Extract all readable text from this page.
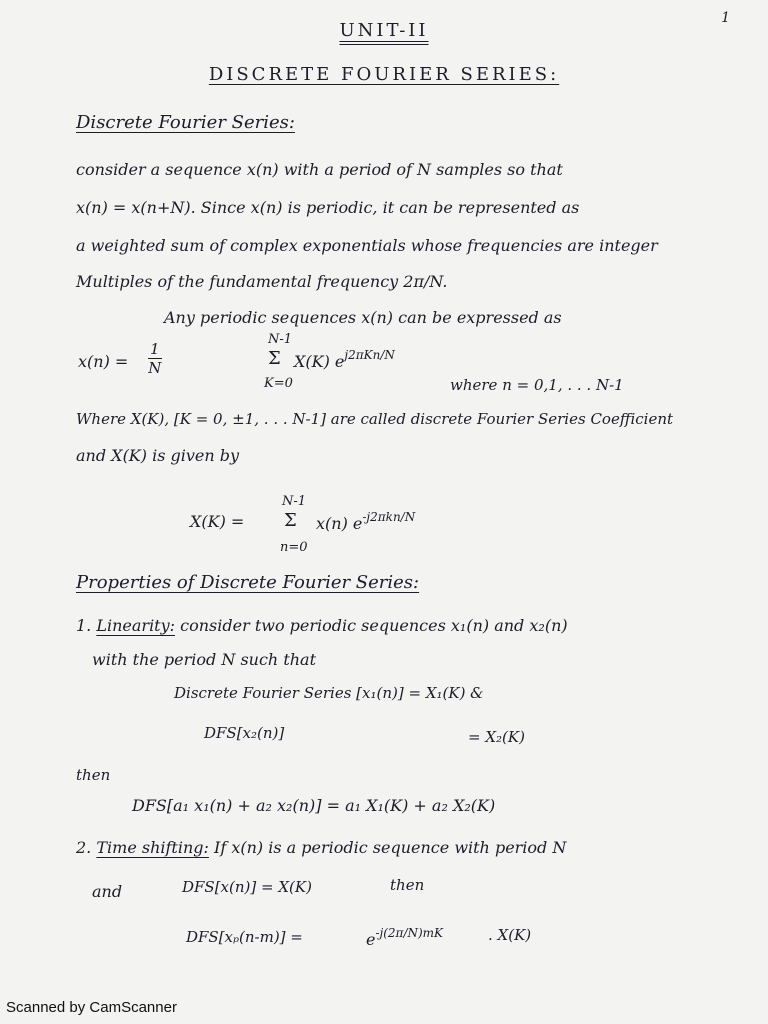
1
UNIT-II
DISCRETE FOURIER SERIES:
Discrete Fourier Series:
consider a sequence x(n) with a period of N samples so that
x(n) = x(n+N). Since x(n) is periodic, it can be represented as
a weighted sum of complex exponentials whose frequencies are integer
Multiples of the fundamental frequency 2π/N.
Any periodic sequences x(n) can be expressed as
$x(n) = \frac{1}{N}$
N-1
Σ
K=0
X(K) $e^{j2\pi Kn/N}$
where n = 0,1, . . . N-1
Where X(K), [K = 0, ±1, . . . N-1] are called discrete Fourier Series Coefficient
and X(K) is given by
X(K) =
N-1
Σ
n=0
x(n) $e^{-j2\pi kn/N}$
Properties of Discrete Fourier Series:
1. Linearity: consider two periodic sequences x₁(n) and x₂(n)
with the period N such that
Discrete Fourier Series [x₁(n)] = X₁(K) &
DFS[x₂(n)]	= X₂(K)
then
DFS[a₁ x₁(n) + a₂ x₂(n)] = a₁ X₁(K) + a₂ X₂(K)
2. Time shifting: If x(n) is a periodic sequence with period N
and	DFS[x(n)] = X(K)	then
DFS[xₚ(n-m)] =	$e^{-j(2\pi/N)mK}$	. X(K)
Scanned by CamScanner
